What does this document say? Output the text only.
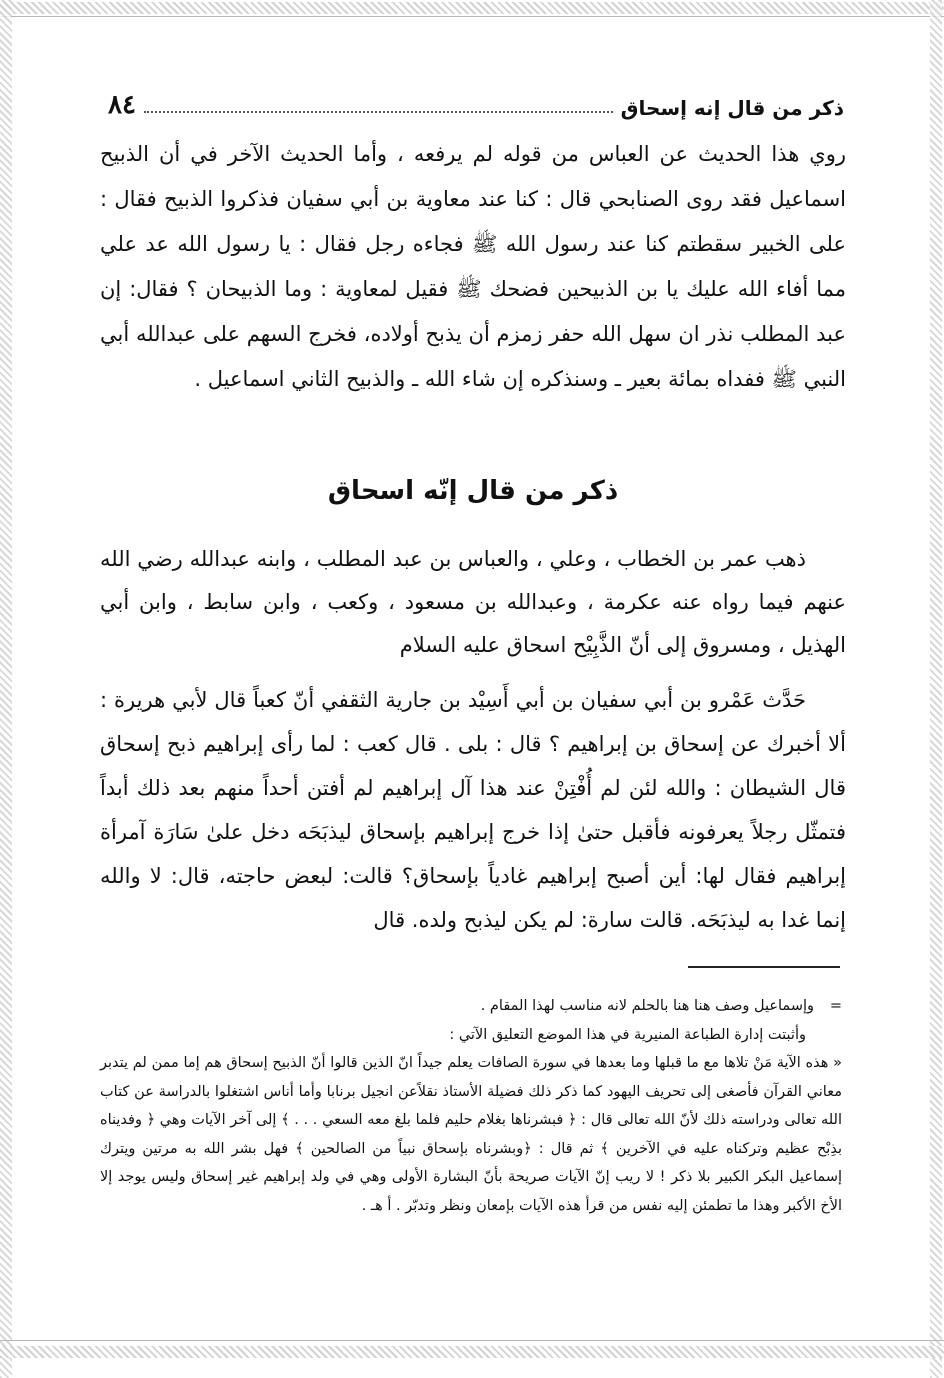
ذكر من قال إنه إسحاق
٨٤

روي هذا الحديث عن العباس من قوله لم يرفعه ، وأما الحديث الآخر في أن الذبيح اسماعيل فقد روى الصنابحي قال : كنا عند معاوية بن أبي سفيان فذكروا الذبيح فقال : على الخبير سقطتم كنا عند رسول الله ﷺ فجاءه رجل فقال : يا رسول الله عد علي مما أفاء الله عليك يا بن الذبيحين فضحك ﷺ فقيل لمعاوية : وما الذبيحان ؟ فقال: إن عبد المطلب نذر ان سهل الله حفر زمزم أن يذبح أولاده، فخرج السهم على عبدالله أبي النبي ﷺ ففداه بمائة بعير ـ وسنذكره إن شاء الله ـ والذبيح الثاني اسماعيل .

ذكر من قال إنّه اسحاق

ذهب عمر بن الخطاب ، وعلي ، والعباس بن عبد المطلب ، وابنه عبدالله رضي الله عنهم فيما رواه عنه عكرمة ، وعبدالله بن مسعود ، وكعب ، وابن سابط ، وابن أبي الهذيل ، ومسروق إلى أنّ الذَّبِيْح اسحاق عليه السلام

حَدَّث عَمْرو بن أبي سفيان بن أبي أَسِيْد بن جارية الثقفي أنّ كعباً قال لأبي هريرة : ألا أخبرك عن إسحاق بن إبراهيم ؟ قال : بلى . قال كعب : لما رأى إبراهيم ذبح إسحاق قال الشيطان : والله لئن لم أُفْتِنْ عند هذا آل إبراهيم لم أفتن أحداً منهم بعد ذلك أبداً فتمثّل رجلاً يعرفونه فأقبل حتىٰ إذا خرج إبراهيم بإسحاق ليذبَحَه دخل علىٰ سَارَة آمرأة إبراهيم فقال لها: أين أصبح إبراهيم غادياً بإسحاق؟ قالت: لبعض حاجته، قال: لا والله إنما غدا به ليذبَحَه. قالت سارة: لم يكن ليذبح ولده. قال

=
وإسماعيل وصف هنا هنا بالحلم لانه مناسب لهذا المقام .

وأثبتت إدارة الطباعة المنيرية في هذا الموضع التعليق الآتي :

« هذه الآية مَنْ تلاها مع ما قبلها وما بعدها في سورة الصافات يعلم جيداً انّ الذين قالوا أنّ الذبيح إسحاق هم إما ممن لم يتدبر معاني القرآن فأصغى إلى تحريف اليهود كما ذكر ذلك فضيلة الأستاذ نقلاًعن انجيل برنابا وأما أناس اشتغلوا بالدراسة عن كتاب الله تعالى ودراسته ذلك لأنّ الله تعالى قال : ﴿ فبشرناها بغلام حليم فلما بلغ معه السعي . . . ﴾ إلى آخر الآيات وهي ﴿ وفديناه بذِبْح عظيم وتركناه عليه في الآخرين ﴾ ثم قال : ﴿وبشرناه بإسحاق نبياً من الصالحين ﴾ فهل بشر الله به مرتين ويترك إسماعيل البكر الكبير بلا ذكر ! لا ريب إنّ الآيات صريحة بأنّ البشارة الأولى وهي في ولد إبراهيم غير إسحاق وليس يوجد إلا الأخ الأكبر وهذا ما تطمئن إليه نفس من قرأ هذه الآيات بإمعان ونظر وتدبّر . أ هـ .
